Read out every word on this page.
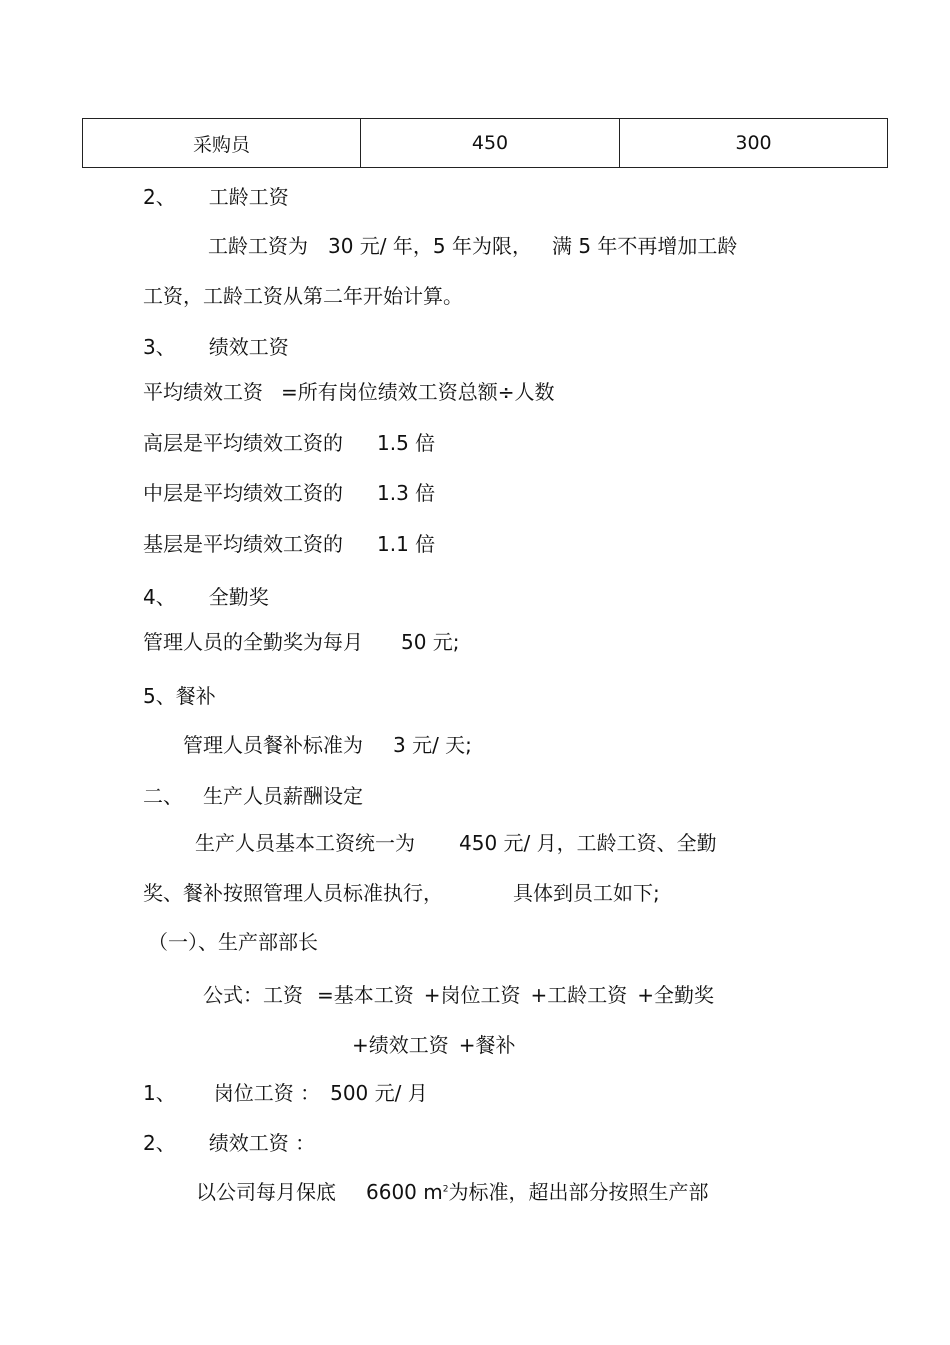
采购员	450	300
2、 工龄工资
工龄工资为 30 元/ 年，5 年为限， 满 5 年不再增加工龄
工资，工龄工资从第二年开始计算。
3、 绩效工资
平均绩效工资 =所有岗位绩效工资总额÷人数
高层是平均绩效工资的 1.5 倍
中层是平均绩效工资的 1.3 倍
基层是平均绩效工资的 1.1 倍
4、 全勤奖
管理人员的全勤奖为每月 50 元;
5、餐补
管理人员餐补标准为 3 元/ 天;
二、 生产人员薪酬设定
生产人员基本工资统一为 450 元/ 月，工龄工资、全勤
奖、餐补按照管理人员标准执行，	具体到员工如下;
（一）、生产部部长
公式：工资 =基本工资 +岗位工资 +工龄工资 +全勤奖
+绩效工资 +餐补
1、 岗位工资 ： 500 元/ 月
2、 绩效工资 ：
以公司每月保底 6600 $m^2$为标准，超出部分按照生产部
